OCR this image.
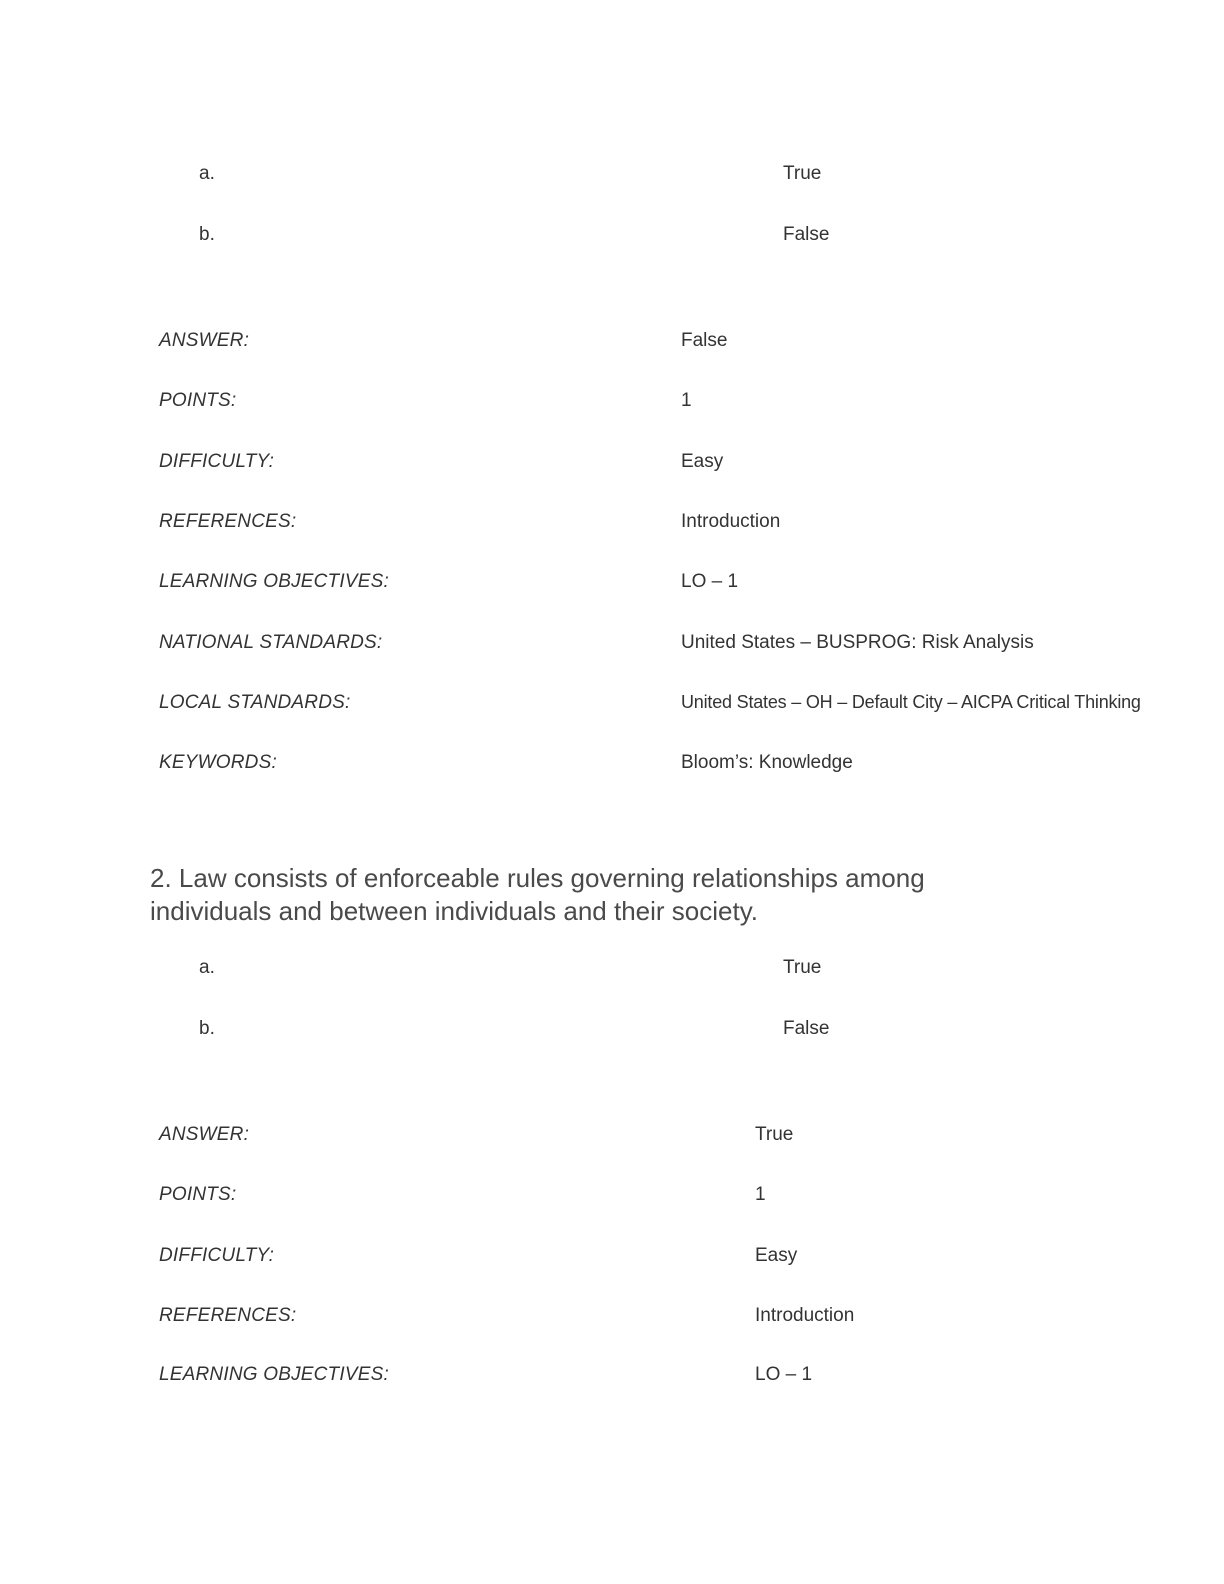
a.	True
b.	False
ANSWER:	False
POINTS:	1
DIFFICULTY:	Easy
REFERENCES:	Introduction
LEARNING OBJECTIVES:	LO – 1
NATIONAL STANDARDS:	United States – BUSPROG: Risk Analysis
LOCAL STANDARDS:	United States – OH – Default City – AICPA Critical Thinking
KEYWORDS:	Bloom’s: Knowledge
2. Law consists of enforceable rules governing relationships among individuals and between individuals and their society.
a.	True
b.	False
ANSWER:	True
POINTS:	1
DIFFICULTY:	Easy
REFERENCES:	Introduction
LEARNING OBJECTIVES:	LO – 1
